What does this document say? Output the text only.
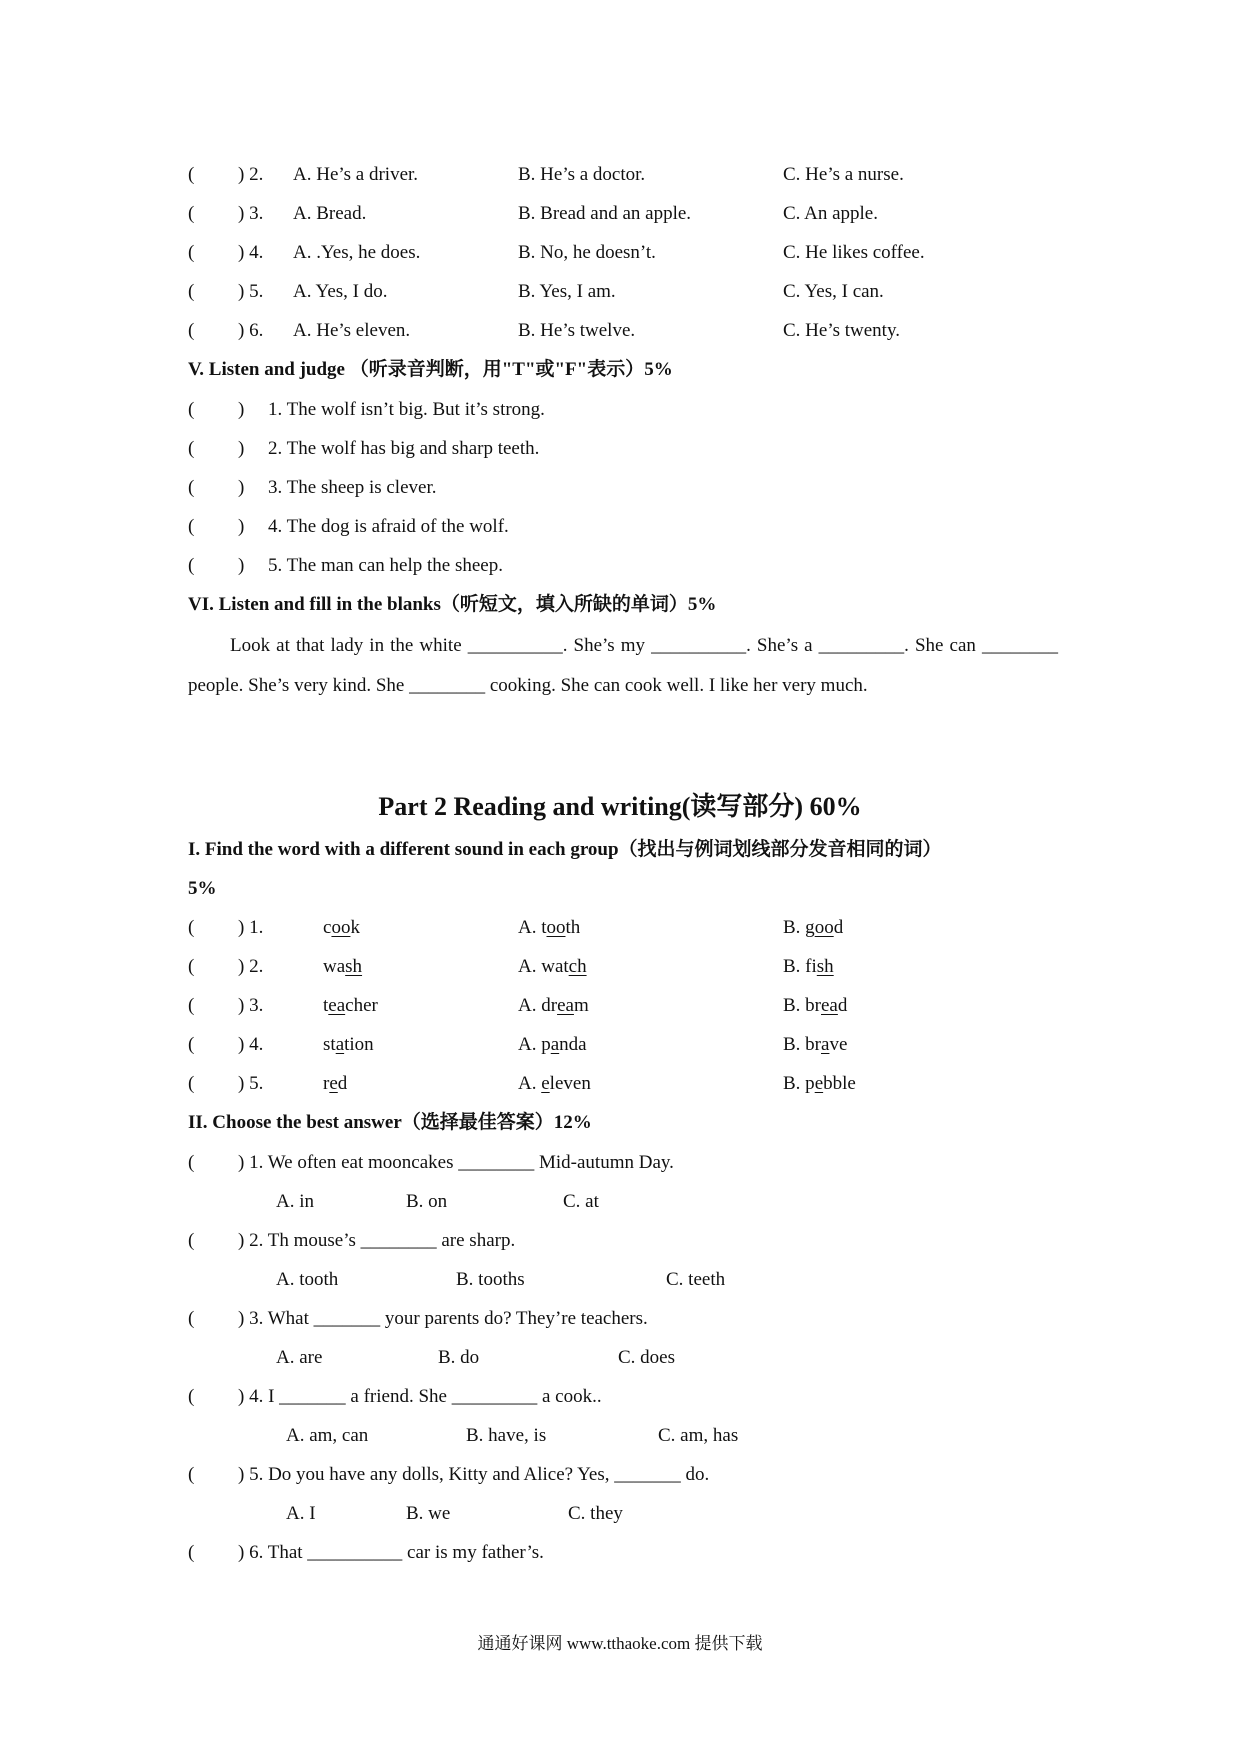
( ) 2. A. He’s a driver.	B. He’s a doctor.	C. He’s a nurse.
( ) 3. A. Bread.	B. Bread and an apple.	C. An apple.
( ) 4. A. .Yes, he does.	B. No, he doesn’t.	C. He likes coffee.
( ) 5. A. Yes, I do.	B. Yes, I am.	C. Yes, I can.
( ) 6. A. He’s eleven.	B. He’s twelve.	C. He’s twenty.
V. Listen and judge （听录音判断，用"T"或"F"表示）5%
( ) 1. The wolf isn’t big. But it’s strong.
( ) 2. The wolf has big and sharp teeth.
( ) 3. The sheep is clever.
( ) 4. The dog is afraid of the wolf.
( ) 5. The man can help the sheep.
VI. Listen and fill in the blanks（听短文，填入所缺的单词）5%
Look at that lady in the white __________. She’s my __________. She’s a _________. She can ________ people. She’s very kind. She ________ cooking. She can cook well. I like her very much.
Part 2 Reading and writing(读写部分) 60%
I. Find the word with a different sound in each group（找出与例词划线部分发音相同的词）
5%
( ) 1.	cook	A. tooth	B. good
( ) 2.	wash	A. watch	B. fish
( ) 3.	teacher	A. dream	B. bread
( ) 4.	station	A. panda	B. brave
( ) 5.	red	A. eleven	B. pebble
II. Choose the best answer（选择最佳答案）12%
( ) 1. We often eat mooncakes ________ Mid-autumn Day.
A. in	B. on	C. at
( ) 2. Th mouse’s ________ are sharp.
A. tooth	B. tooths	C. teeth
( ) 3. What _______ your parents do? They’re teachers.
A. are	B. do	C. does
( ) 4. I _______ a friend. She _________ a cook..
A. am, can	B. have, is	C. am, has
( ) 5. Do you have any dolls, Kitty and Alice? Yes, _______ do.
A. I	B. we	C. they
( ) 6. That __________ car is my father’s.
通通好课网 www.tthaoke.com 提供下载
